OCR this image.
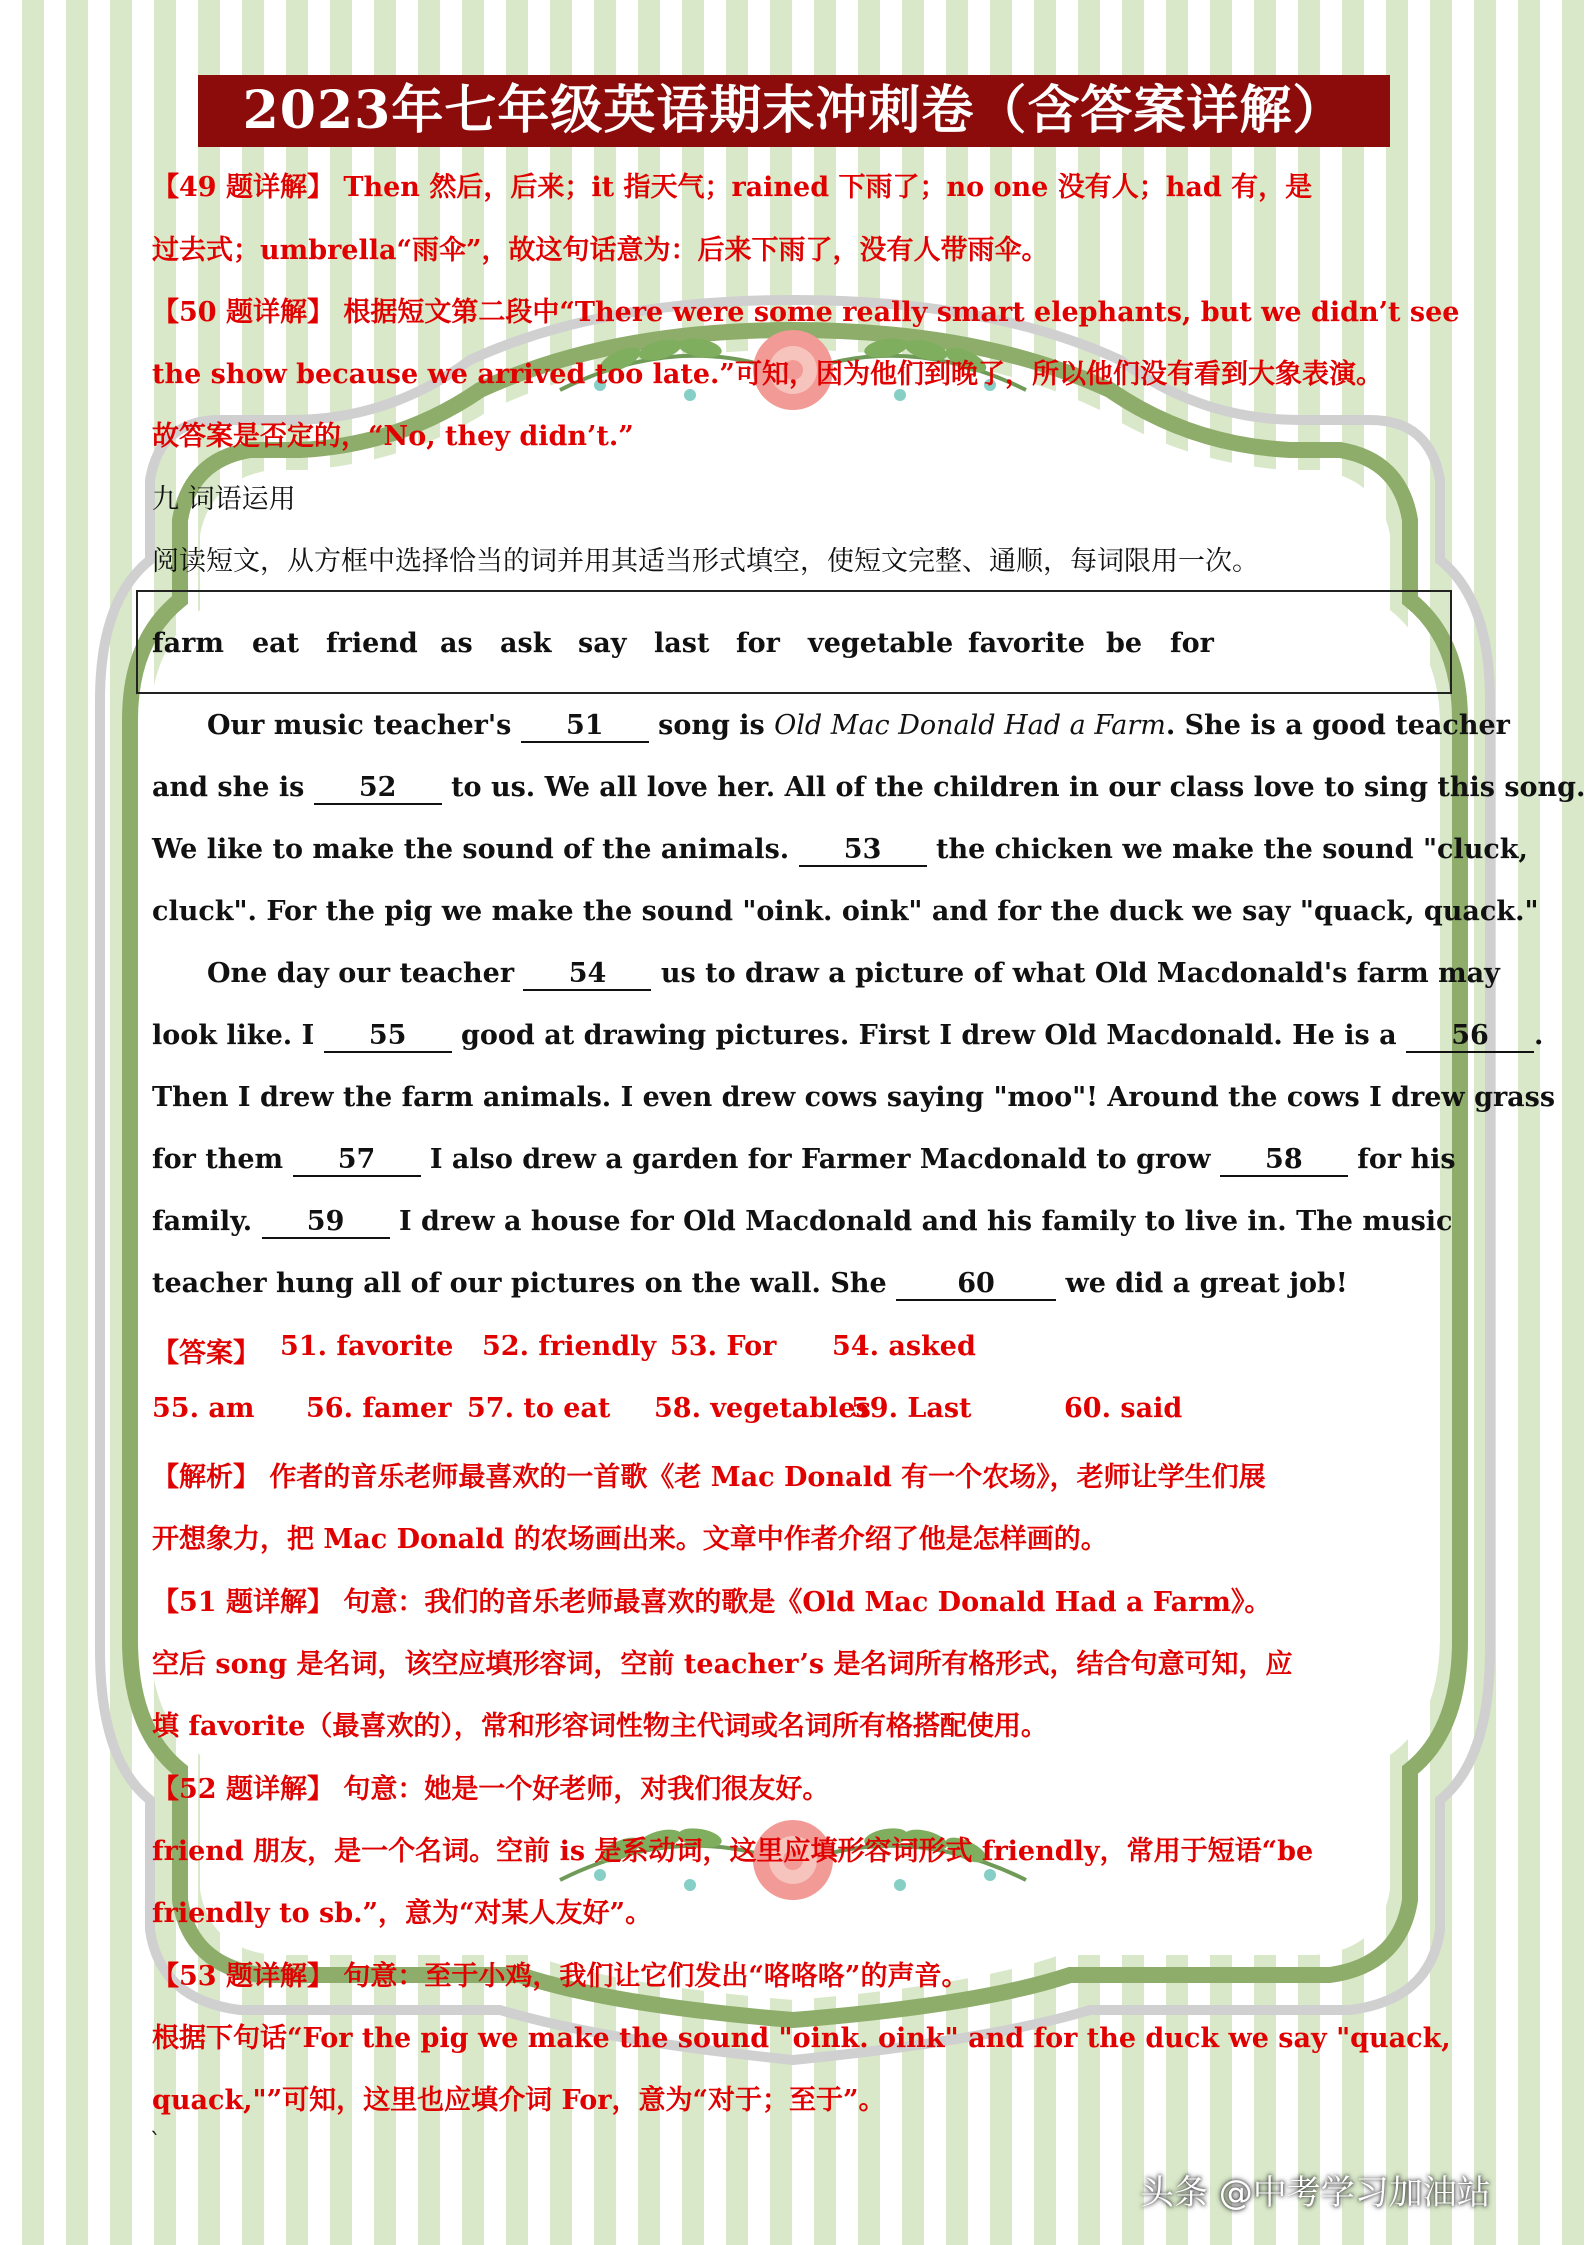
2023年七年级英语期末冲刺卷（含答案详解）
【49 题详解】 Then 然后，后来；it 指天气；rained 下雨了；no one 没有人；had 有，是
过去式；umbrella“雨伞”，故这句话意为：后来下雨了，没有人带雨伞。
【50 题详解】 根据短文第二段中“There were some really smart elephants, but we didn’t see
the show because we arrived too late.”可知，因为他们到晚了，所以他们没有看到大象表演。
故答案是否定的，“No, they didn’t.”
九 词语运用
阅读短文，从方框中选择恰当的词并用其适当形式填空，使短文完整、通顺，每词限用一次。
farm eat friend as ask say last for vegetable favorite be for
Our music teacher's 51 song is Old Mac Donald Had a Farm. She is a good teacher
and she is 52 to us. We all love her. All of the children in our class love to sing this song.
We like to make the sound of the animals. 53 the chicken we make the sound "cluck,
cluck". For the pig we make the sound "oink. oink" and for the duck we say "quack, quack."
One day our teacher 54 us to draw a picture of what Old Macdonald's farm may
look like. I 55 good at drawing pictures. First I drew Old Macdonald. He is a 56 .
Then I drew the farm animals. I even drew cows saying "moo"! Around the cows I drew grass
for them 57 I also drew a garden for Farmer Macdonald to grow 58 for his
family. 59 I drew a house for Old Macdonald and his family to live in. The music
teacher hung all of our pictures on the wall. She 60 we did a great job!
【答案】 51. favorite 52. friendly 53. For 54. asked
55. am 56. famer 57. to eat 58. vegetables
59. Last	60. said
【解析】 作者的音乐老师最喜欢的一首歌《老 Mac Donald 有一个农场》，老师让学生们展
开想象力，把 Mac Donald 的农场画出来。文章中作者介绍了他是怎样画的。
【51 题详解】 句意：我们的音乐老师最喜欢的歌是《Old Mac Donald Had a Farm》。
空后 song 是名词，该空应填形容词，空前 teacher’s 是名词所有格形式，结合句意可知，应
填 favorite（最喜欢的），常和形容词性物主代词或名词所有格搭配使用。
【52 题详解】 句意：她是一个好老师，对我们很友好。
friend 朋友，是一个名词。空前 is 是系动词，这里应填形容词形式 friendly，常用于短语“be
friendly to sb.”，意为“对某人友好”。
【53 题详解】 句意：至于小鸡，我们让它们发出“咯咯咯”的声音。
根据下句话“For the pig we make the sound "oink. oink" and for the duck we say "quack,
quack,"”可知，这里也应填介词 For，意为“对于；至于”。
`
头条 @中考学习加油站
